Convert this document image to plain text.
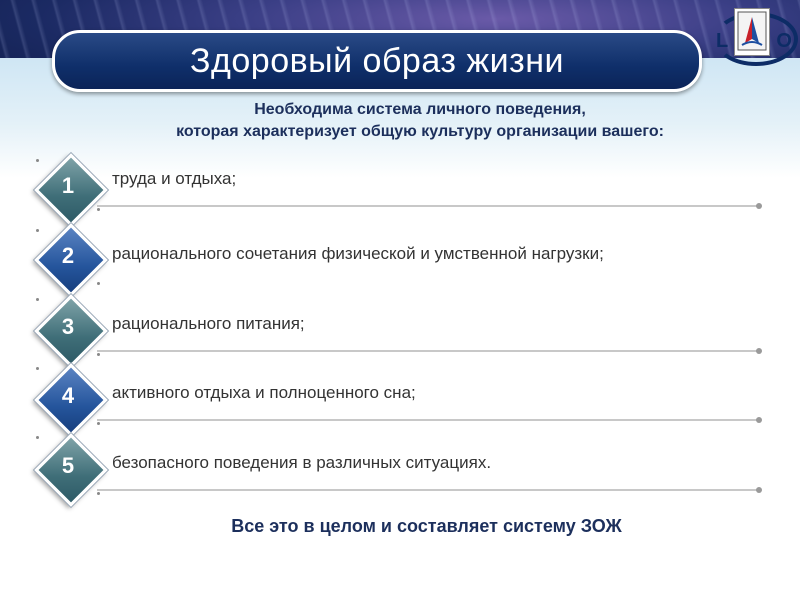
Здоровый образ жизни
L O
Необходима система личного поведения,
которая характеризует общую культуру организации вашего:
1	труда и отдыха;
2	рационального сочетания физической и умственной нагрузки;
3	рационального питания;
4	активного отдыха и полноценного сна;
5	безопасного поведения в различных ситуациях.
Все это в целом и составляет систему ЗОЖ
